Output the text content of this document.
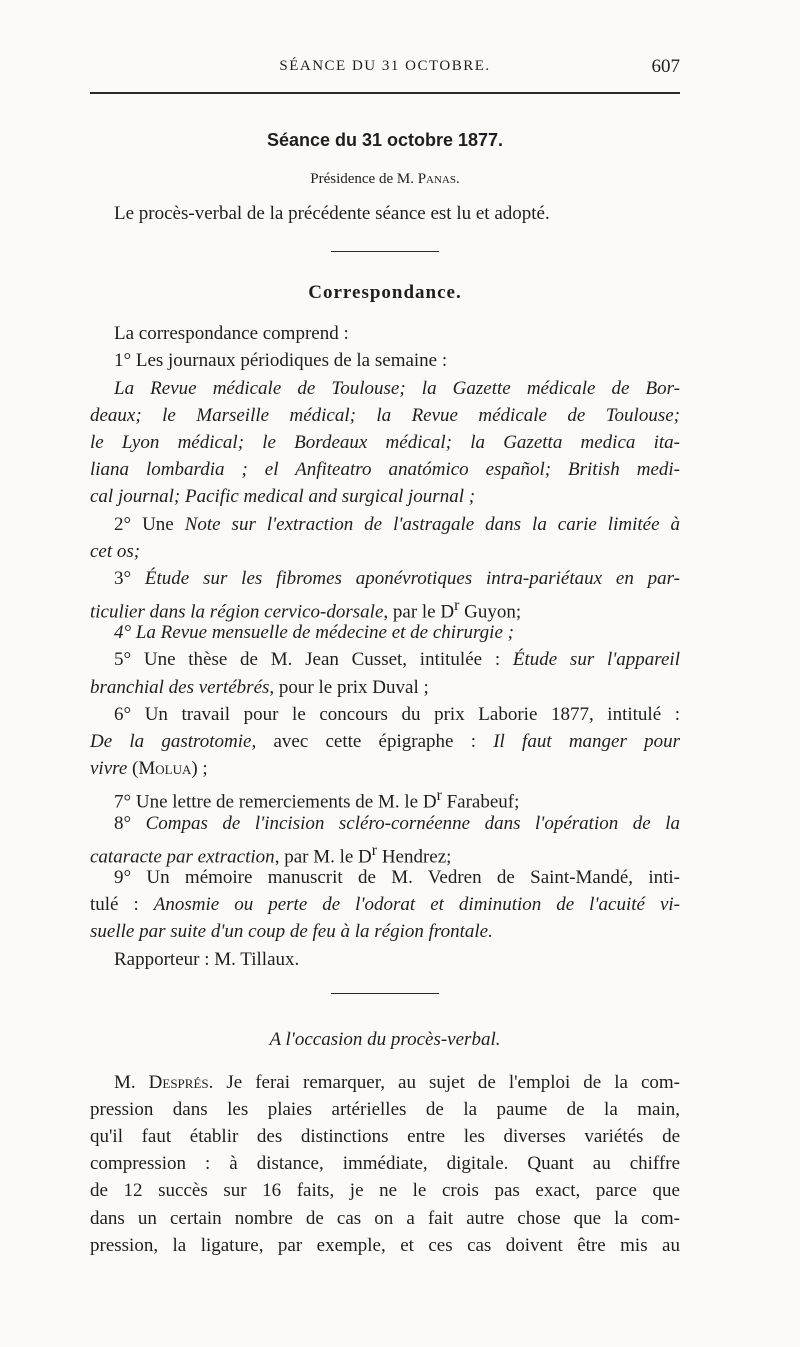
SÉANCE DU 31 OCTOBRE.	607
Séance du 31 octobre 1877.
Présidence de M. Panas.
Le procès-verbal de la précédente séance est lu et adopté.
Correspondance.
La correspondance comprend :
1° Les journaux périodiques de la semaine :
La Revue médicale de Toulouse; la Gazette médicale de Bor-
deaux; le Marseille médical; la Revue médicale de Toulouse;
le Lyon médical; le Bordeaux médical; la Gazetta medica ita-
liana lombardia ; el Anfiteatro anatómico español; British medi-
cal journal; Pacific medical and surgical journal ;
2° Une Note sur l'extraction de l'astragale dans la carie limitée à
cet os;
3° Étude sur les fibromes aponévrotiques intra-pariétaux en par-
ticulier dans la région cervico-dorsale, par le $D^r$ Guyon;
4° La Revue mensuelle de médecine et de chirurgie ;
5° Une thèse de M. Jean Cusset, intitulée : Étude sur l'appareil
branchial des vertébrés, pour le prix Duval ;
6° Un travail pour le concours du prix Laborie 1877, intitulé :
De la gastrotomie, avec cette épigraphe : Il faut manger pour
vivre (Molua) ;
7° Une lettre de remerciements de M. le $D^r$ Farabeuf;
8° Compas de l'incision scléro-cornéenne dans l'opération de la
cataracte par extraction, par M. le $D^r$ Hendrez;
9° Un mémoire manuscrit de M. Vedren de Saint-Mandé, inti-
tulé : Anosmie ou perte de l'odorat et diminution de l'acuité vi-
suelle par suite d'un coup de feu à la région frontale.
Rapporteur : M. Tillaux.
A l'occasion du procès-verbal.
M. Després. Je ferai remarquer, au sujet de l'emploi de la com-
pression dans les plaies artérielles de la paume de la main,
qu'il faut établir des distinctions entre les diverses variétés de
compression : à distance, immédiate, digitale. Quant au chiffre
de 12 succès sur 16 faits, je ne le crois pas exact, parce que
dans un certain nombre de cas on a fait autre chose que la com-
pression, la ligature, par exemple, et ces cas doivent être mis au
